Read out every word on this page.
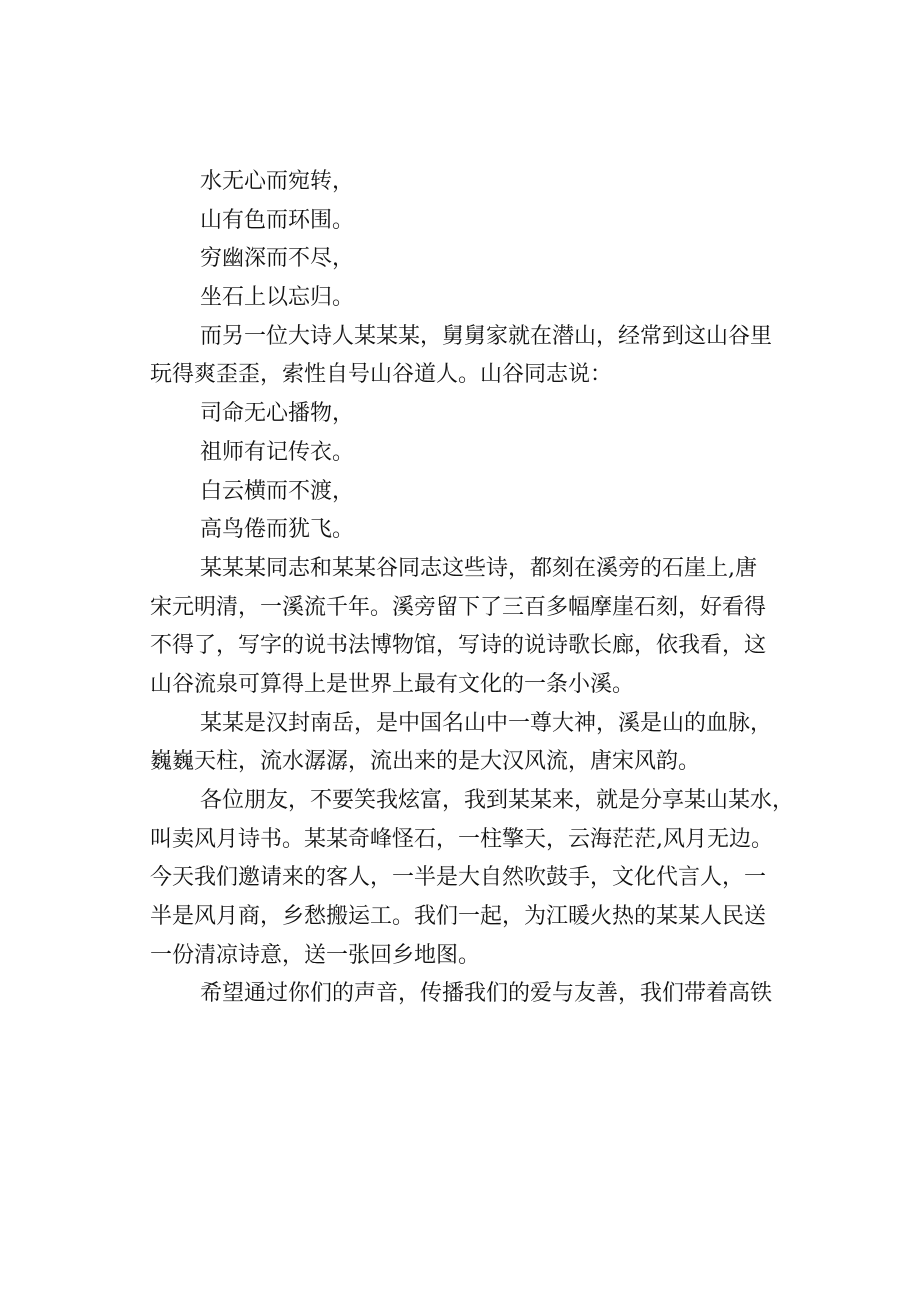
水无心而宛转，

山有色而环围。

穷幽深而不尽，

坐石上以忘归。

而另一位大诗人某某某，舅舅家就在潜山，经常到这山谷里
玩得爽歪歪，索性自号山谷道人。山谷同志说：

司命无心播物，

祖师有记传衣。

白云横而不渡，

高鸟倦而犹飞。

某某某同志和某某谷同志这些诗，都刻在溪旁的石崖上,唐
宋元明清，一溪流千年。溪旁留下了三百多幅摩崖石刻，好看得
不得了，写字的说书法博物馆，写诗的说诗歌长廊，依我看，这
山谷流泉可算得上是世界上最有文化的一条小溪。

某某是汉封南岳，是中国名山中一尊大神，溪是山的血脉，
巍巍天柱，流水潺潺，流出来的是大汉风流，唐宋风韵。

各位朋友，不要笑我炫富，我到某某来，就是分享某山某水，
叫卖风月诗书。某某奇峰怪石，一柱擎天，云海茫茫,风月无边。
今天我们邀请来的客人，一半是大自然吹鼓手，文化代言人，一
半是风月商，乡愁搬运工。我们一起，为江暖火热的某某人民送
一份清凉诗意，送一张回乡地图。

希望通过你们的声音，传播我们的爱与友善，我们带着高铁
